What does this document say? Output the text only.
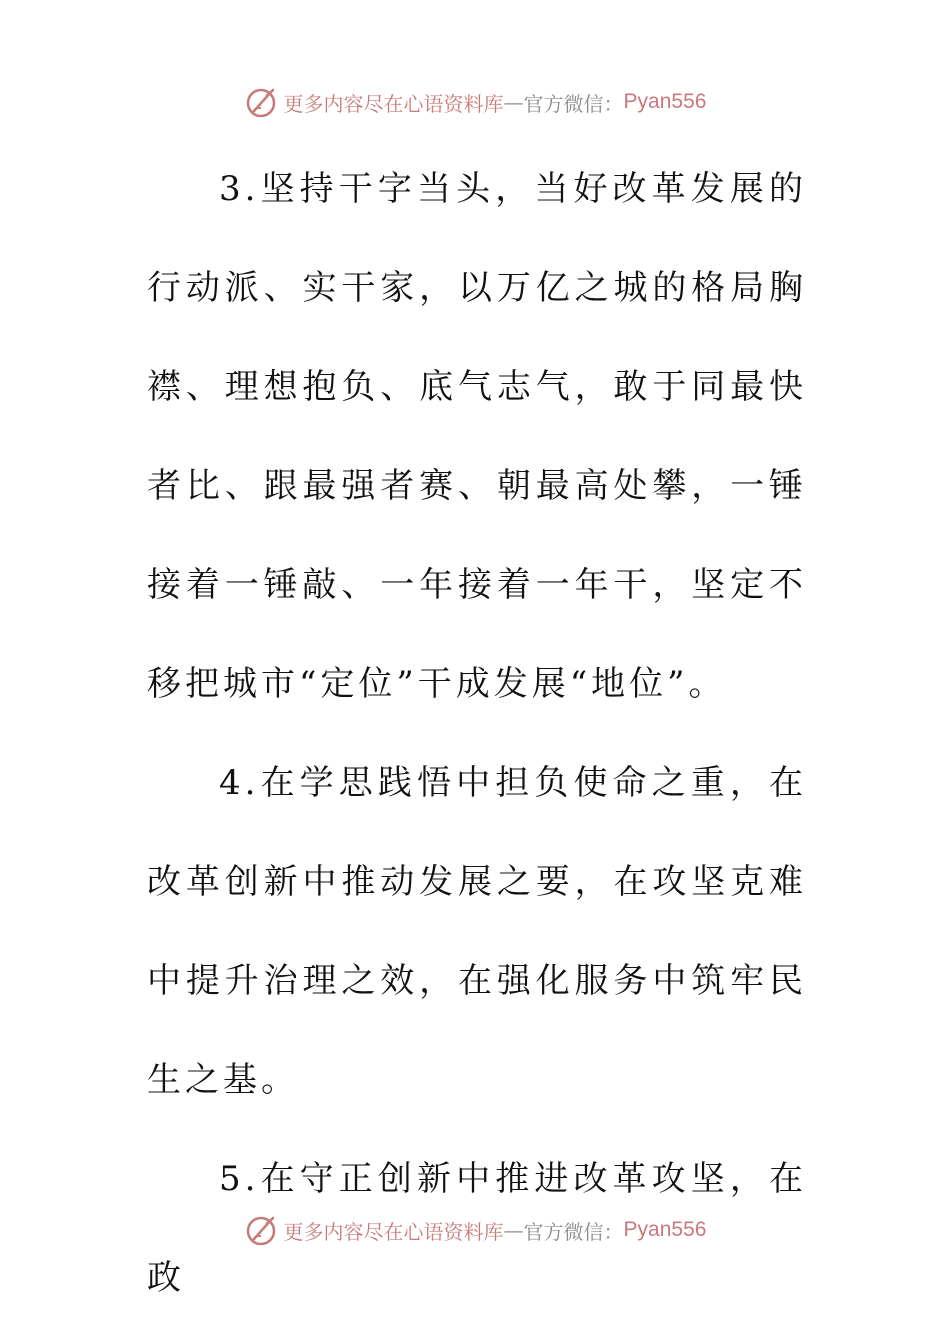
更多内容尽在心语资料库 — 官方微信： Pyan556

3.坚持干字当头，当好改革发展的行动派、实干家，以万亿之城的格局胸襟、理想抱负、底气志气，敢于同最快者比、跟最强者赛、朝最高处攀，一锤接着一锤敲、一年接着一年干，坚定不移把城市“定位”干成发展“地位”。

4.在学思践悟中担负使命之重，在改革创新中推动发展之要，在攻坚克难中提升治理之效，在强化服务中筑牢民生之基。

5.在守正创新中推进改革攻坚，在政

更多内容尽在心语资料库 — 官方微信： Pyan556
